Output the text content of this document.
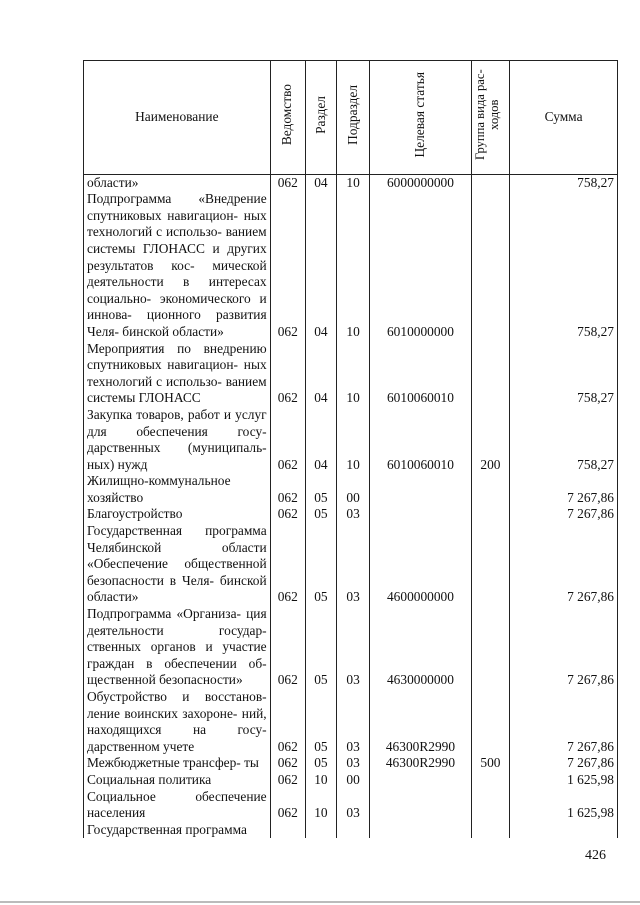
Наименование	Ведомство	Раздел	Подраздел	Целевая статья	Группа вида рас- ходов	Сумма
области»	062	04	10	6000000000		758,27
Подпрограмма «Внедрение спутниковых навигацион- ных технологий с использо- ванием системы ГЛОНАСС и других результатов кос- мической деятельности в интересах социально- экономического и иннова- ционного развития Челя- бинской области»	062	04	10	6010000000		758,27
Мероприятия по внедрению спутниковых навигацион- ных технологий с использо- ванием системы ГЛОНАСС	062	04	10	6010060010		758,27
Закупка товаров, работ и услуг для обеспечения госу- дарственных (муниципаль- ных) нужд	062	04	10	6010060010	200	758,27
Жилищно-коммунальное хозяйство	062	05	00			7 267,86
Благоустройство	062	05	03			7 267,86
Государственная программа Челябинской области «Обеспечение общественной безопасности в Челя- бинской области»	062	05	03	4600000000		7 267,86
Подпрограмма «Организа- ция деятельности государ- ственных органов и участие граждан в обеспечении об- щественной безопасности»	062	05	03	4630000000		7 267,86
Обустройство и восстанов- ление воинских захороне- ний, находящихся на госу- дарственном учете	062	05	03	46300R2990		7 267,86
Межбюджетные трансфер- ты	062	05	03	46300R2990	500	7 267,86
Социальная политика	062	10	00			1 625,98
Социальное обеспечение населения	062	10	03			1 625,98
Государственная программа						
426
